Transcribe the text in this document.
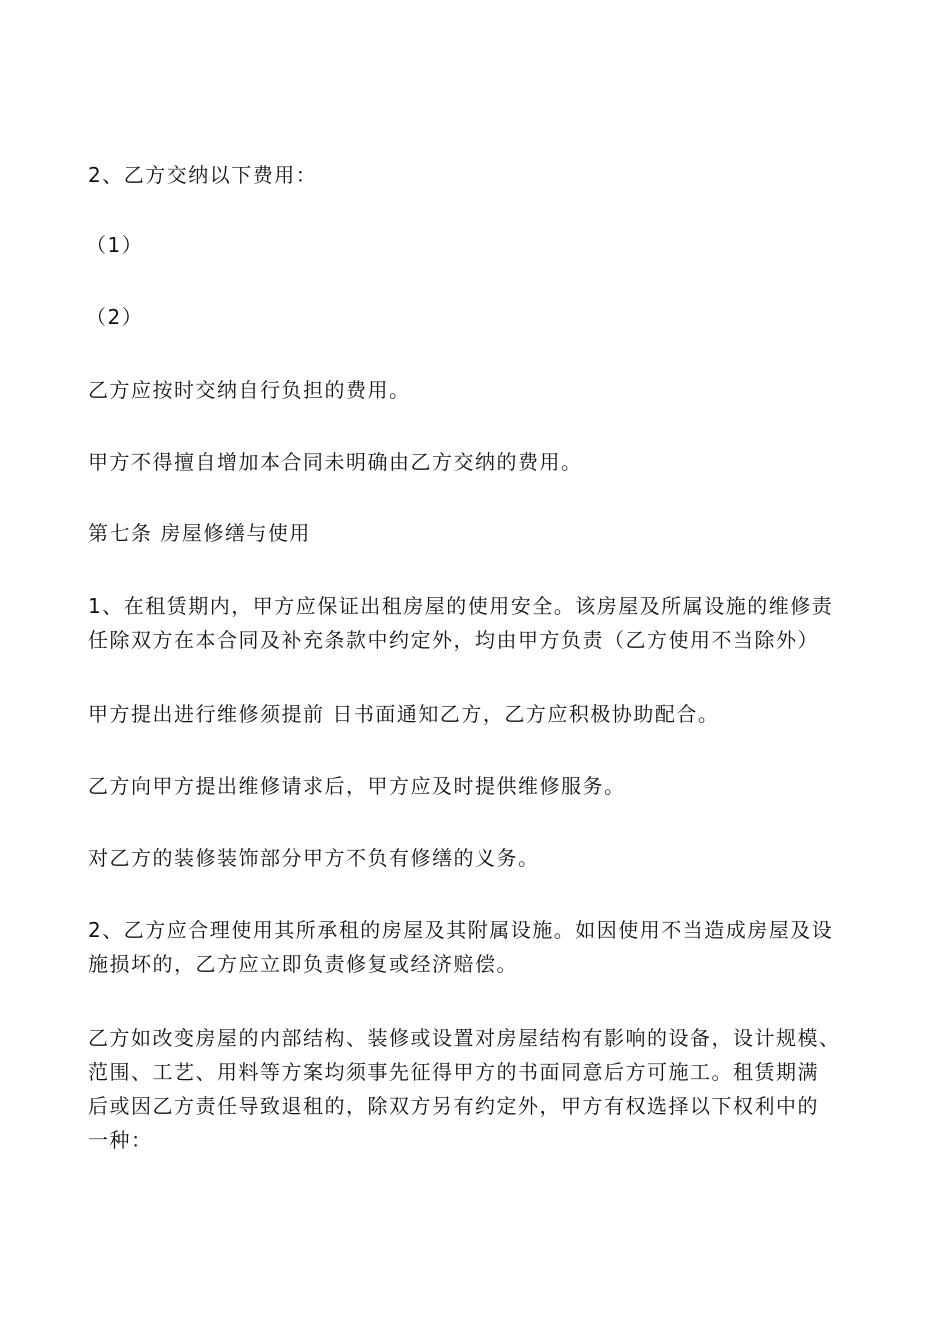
2、乙方交纳以下费用：
（1）
（2）
乙方应按时交纳自行负担的费用。
甲方不得擅自增加本合同未明确由乙方交纳的费用。
第七条 房屋修缮与使用
1、在租赁期内，甲方应保证出租房屋的使用安全。该房屋及所属设施的维修责
任除双方在本合同及补充条款中约定外，均由甲方负责（乙方使用不当除外）
甲方提出进行维修须提前 日书面通知乙方，乙方应积极协助配合。
乙方向甲方提出维修请求后，甲方应及时提供维修服务。
对乙方的装修装饰部分甲方不负有修缮的义务。
2、乙方应合理使用其所承租的房屋及其附属设施。如因使用不当造成房屋及设
施损坏的，乙方应立即负责修复或经济赔偿。
乙方如改变房屋的内部结构、装修或设置对房屋结构有影响的设备，设计规模、
范围、工艺、用料等方案均须事先征得甲方的书面同意后方可施工。租赁期满
后或因乙方责任导致退租的，除双方另有约定外，甲方有权选择以下权利中的
一种：
